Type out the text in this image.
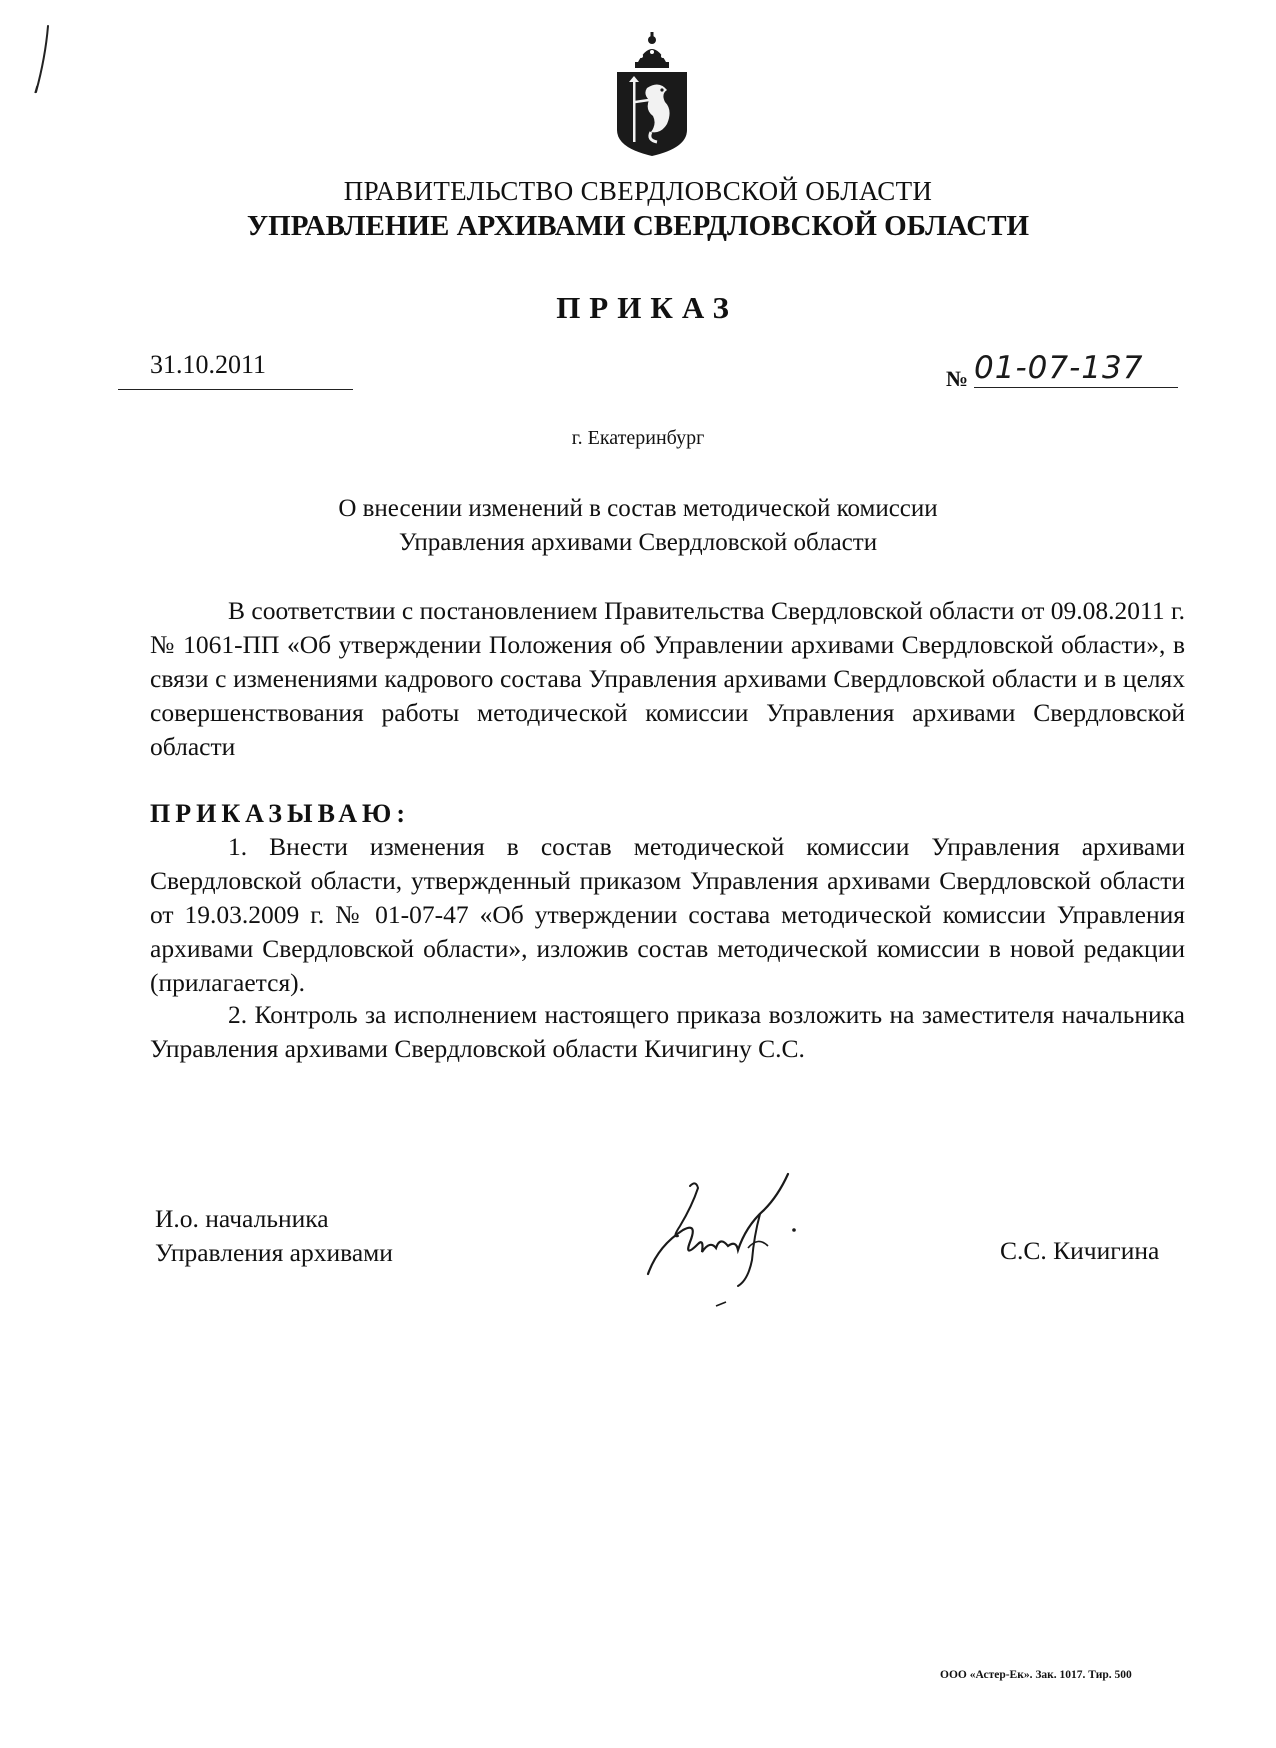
ПРАВИТЕЛЬСТВО СВЕРДЛОВСКОЙ ОБЛАСТИ
УПРАВЛЕНИЕ АРХИВАМИ СВЕРДЛОВСКОЙ ОБЛАСТИ
ПРИКАЗ
31.10.2011	№ 01-07-137
г. Екатеринбург
О внесении изменений в состав методической комиссии
Управления архивами Свердловской области

В соответствии с постановлением Правительства Свердловской области от 09.08.2011 г. № 1061-ПП «Об утверждении Положения об Управлении архивами Свердловской области», в связи с изменениями кадрового состава Управления архивами Свердловской области и в целях совершенствования работы методической комиссии Управления архивами Свердловской области

ПРИКАЗЫВАЮ:

1. Внести изменения в состав методической комиссии Управления архивами Свердловской области, утвержденный приказом Управления архивами Свердловской области от 19.03.2009 г. № 01-07-47 «Об утверждении состава методической комиссии Управления архивами Свердловской области», изложив состав методической комиссии в новой редакции (прилагается).

2. Контроль за исполнением настоящего приказа возложить на заместителя начальника Управления архивами Свердловской области Кичигину С.С.

И.о. начальника
Управления архивами	С.С. Кичигина
ООО «Астер-Ек». Зак. 1017. Тир. 500
